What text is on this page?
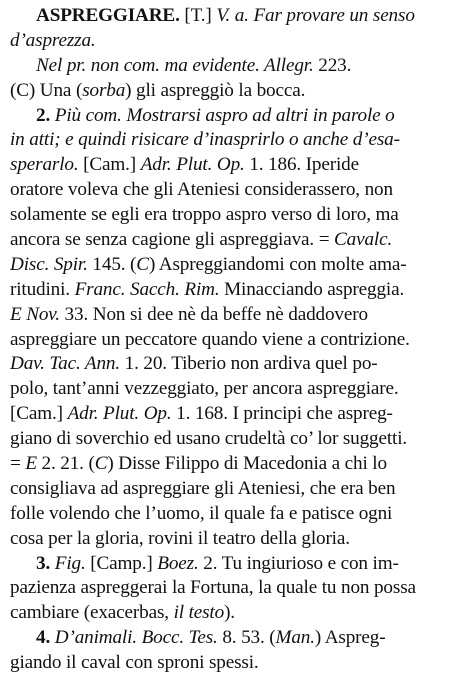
ASPREGGIARE. [T.] V. a. Far provare un senso
d’asprezza.
Nel pr. non com. ma evidente. Allegr. 223.
(C) Una (sorba) gli aspreggiò la bocca.
2. Più com. Mostrarsi aspro ad altri in parole o
in atti; e quindi risicare d’inasprirlo o anche d’esa-
sperarlo. [Cam.] Adr. Plut. Op. 1. 186. Iperide
oratore voleva che gli Ateniesi considerassero, non
solamente se egli era troppo aspro verso di loro, ma
ancora se senza cagione gli aspreggiava. = Cavalc.
Disc. Spir. 145. (C) Aspreggiandomi con molte ama-
ritudini. Franc. Sacch. Rim. Minacciando aspreggia.
E Nov. 33. Non si dee nè da beffe nè daddovero
aspreggiare un peccatore quando viene a contrizione.
Dav. Tac. Ann. 1. 20. Tiberio non ardiva quel po-
polo, tant’anni vezzeggiato, per ancora aspreggiare.
[Cam.] Adr. Plut. Op. 1. 168. I principi che aspreg-
giano di soverchio ed usano crudeltà co’ lor suggetti.
= E 2. 21. (C) Disse Filippo di Macedonia a chi lo
consigliava ad aspreggiare gli Ateniesi, che era ben
folle volendo che l’uomo, il quale fa e patisce ogni
cosa per la gloria, rovini il teatro della gloria.
3. Fig. [Camp.] Boez. 2. Tu ingiurioso e con im-
pazienza aspreggerai la Fortuna, la quale tu non possa
cambiare (exacerbas, il testo).
4. D’animali. Bocc. Tes. 8. 53. (Man.) Aspreg-
giando il caval con sproni spessi.
